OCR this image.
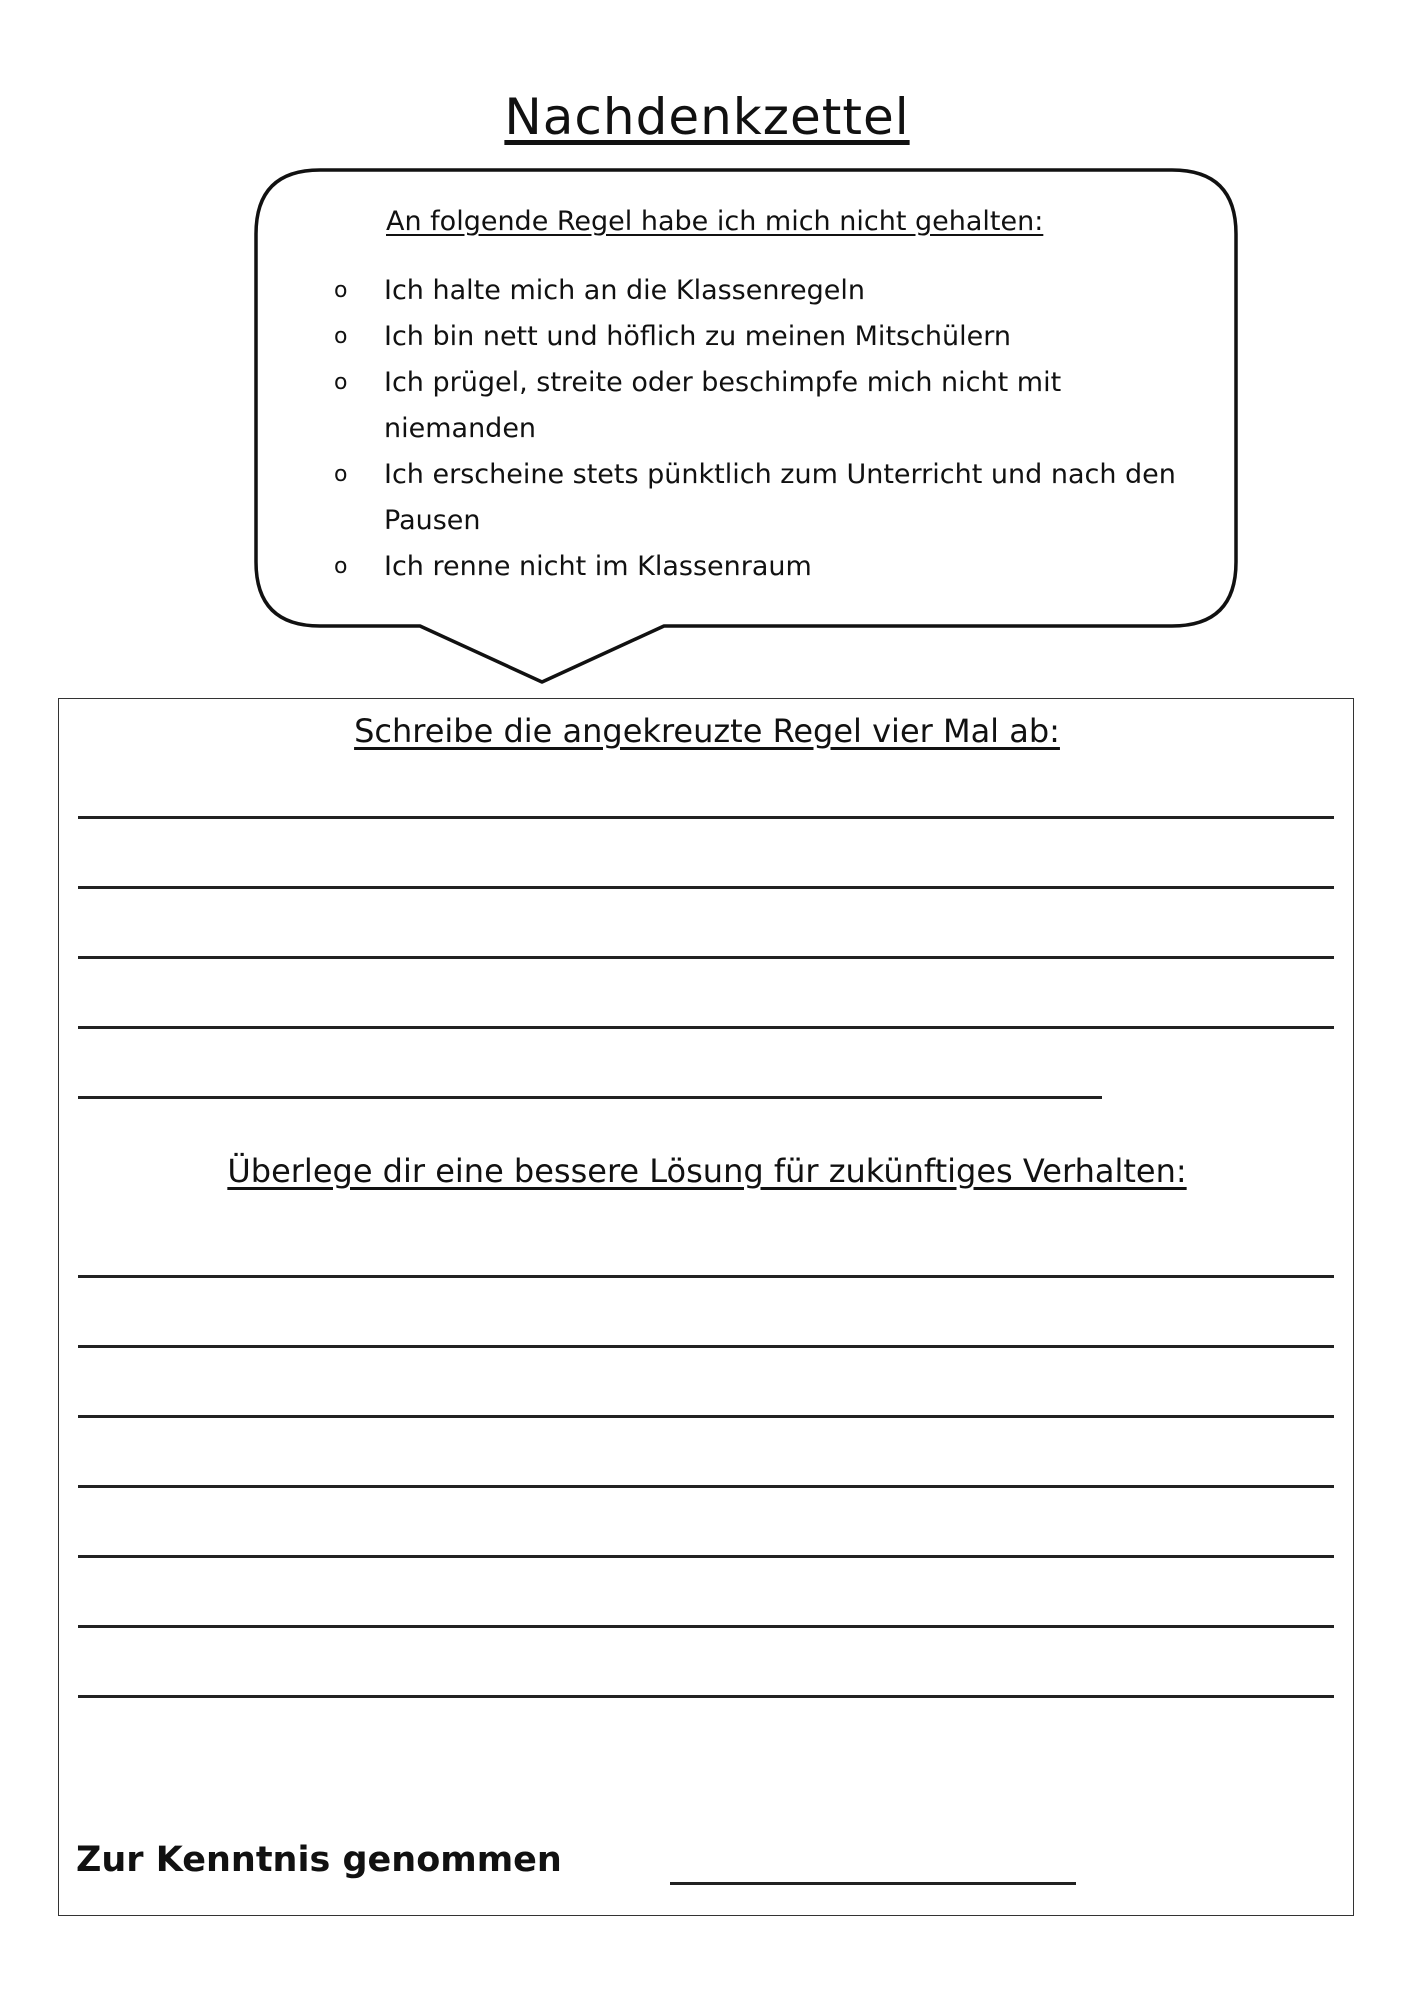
Nachdenkzettel
An folgende Regel habe ich mich nicht gehalten:
o Ich halte mich an die Klassenregeln
o Ich bin nett und höflich zu meinen Mitschülern
o Ich prügel, streite oder beschimpfe mich nicht mit niemanden
o Ich erscheine stets pünktlich zum Unterricht und nach den Pausen
o Ich renne nicht im Klassenraum
Schreibe die angekreuzte Regel vier Mal ab:
Überlege dir eine bessere Lösung für zukünftiges Verhalten:
Zur Kenntnis genommen
